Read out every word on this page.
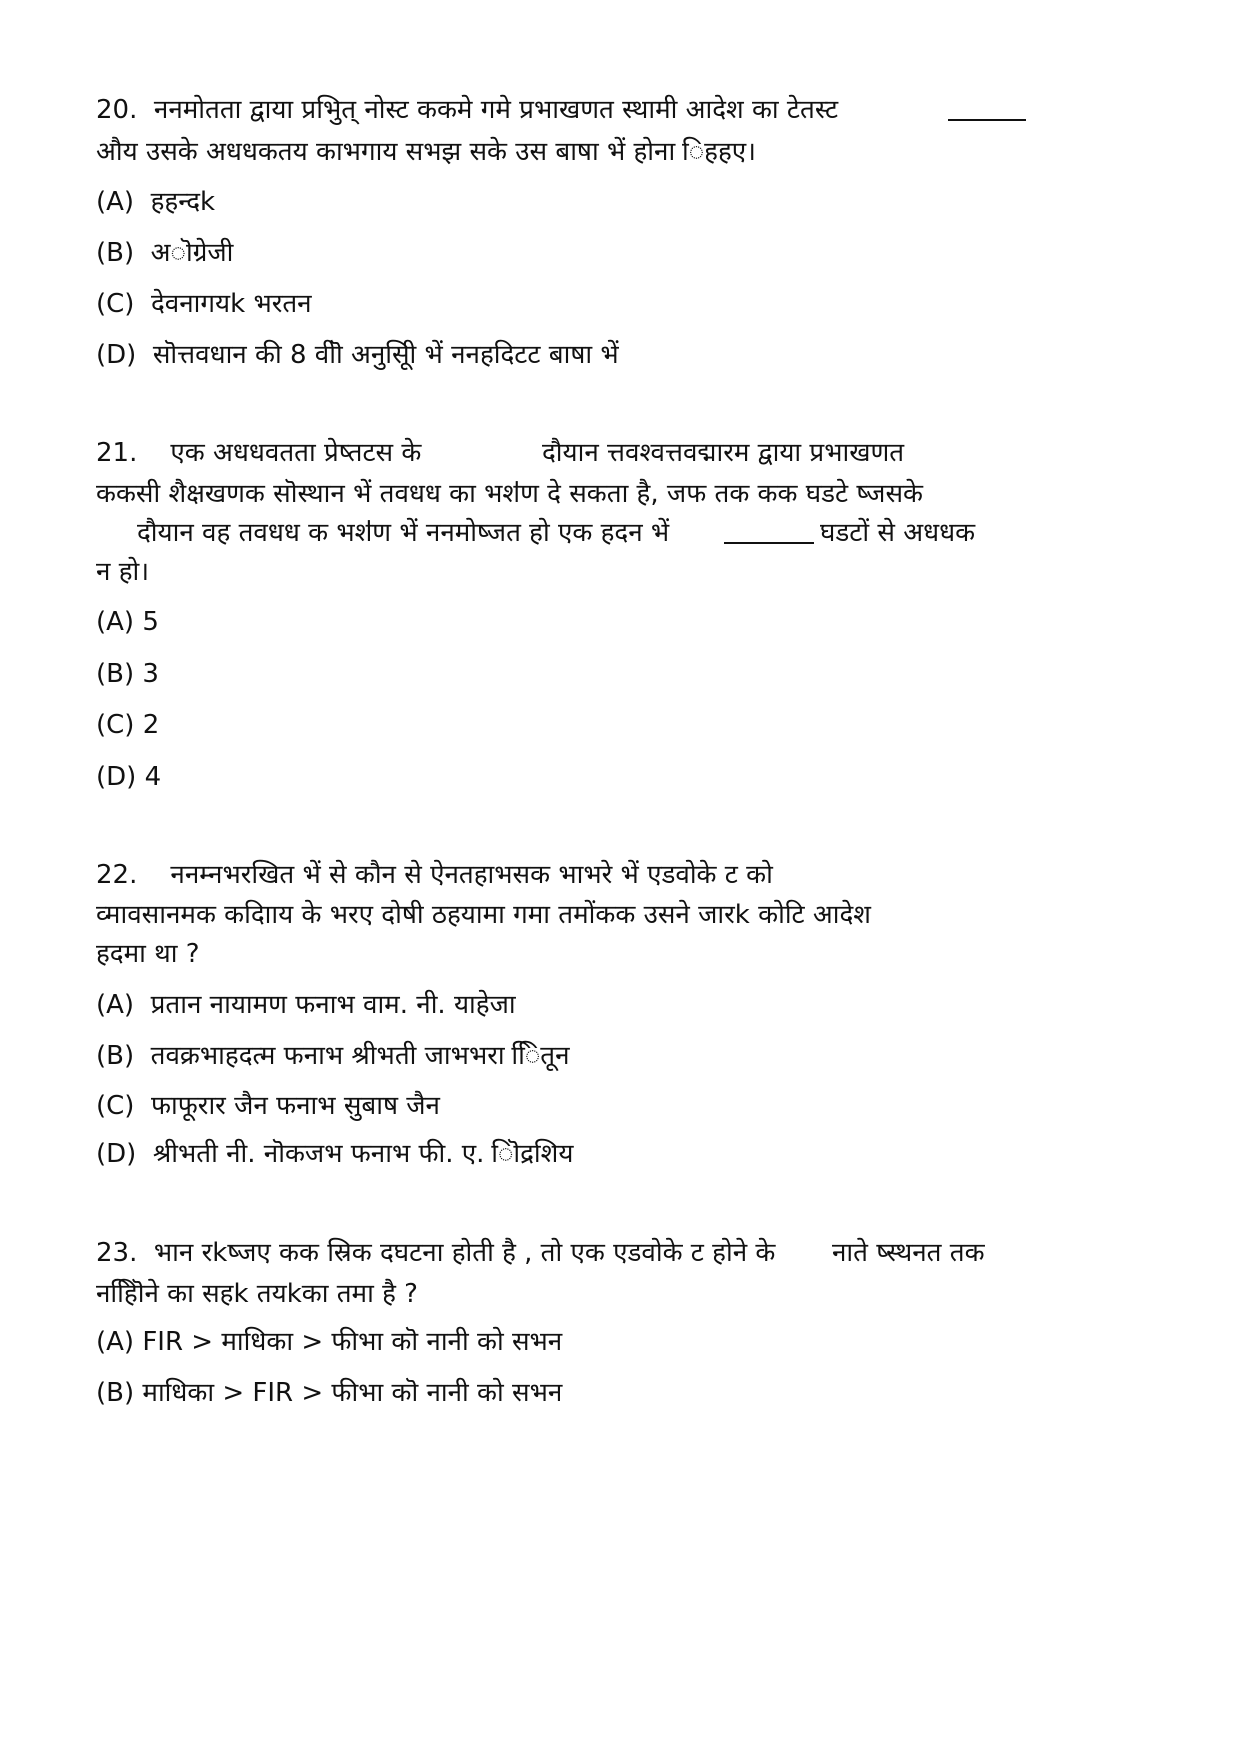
20. ननमोतता द्वाया प्रभिुत् नोस्ट ककमे गमे प्रभाखणत स्थामी आदेश का टेतस्ट
औय उसके अधधकतय काभगाय सभझ सके उस बाषा भें होना िहहए।
(A) हहन्दk
(B) अॊग्रेजी
(C) देवनागयk भरतन
(D) सॊत्तवधान की 8 वीॊ अनुसूिी भें ननहदिटट बाषा भें
21. एक अधधवतता प्रेष्तटस के	दौयान त्तवश्वत्तवद्मारम द्वाया प्रभाखणत
ककसी शैक्षखणक सॊस्थान भें तवधध का भशऺण दे सकता है, जफ तक कक घडटे ष्जसके
दौयान वह तवधध क भशऺण भें ननमोष्जत हो एक हदन भें	घडटों से अधधक
न हो।
(A) 5
(B) 3
(C) 2
(D) 4
22. ननम्नभरखित भें से कौन से ऐनतहाभसक भाभरे भें एडवोके ट को
व्मावसानमक कदािाय के भरए दोषी ठहयामा गमा तमोंकक उसने जारk कोटि आदेश
हदमा था ?
(A) प्रतान नायामण फनाभ वाम. नी. याहेजा
(B) तवक्रभाहदत्म फनाभ श्रीभती जाभभरा िितून
(C) फाफूरार जैन फनाभ सुबाष जैन
(D) श्रीभती नी. नॊकजभ फनाभ फी. ए. िॊद्रशिय
23. भान रkष्जए कक स्रिक दघटना होती है , तो एक एडवोके ट होने के नाते ष्स्थनत तक
नहिॊिने का सहk तयkका तमा है ?
(A) FIR > माधिका > फीभा कॊ नानी को सभन
(B) माधिका > FIR > फीभा कॊ नानी को सभन
